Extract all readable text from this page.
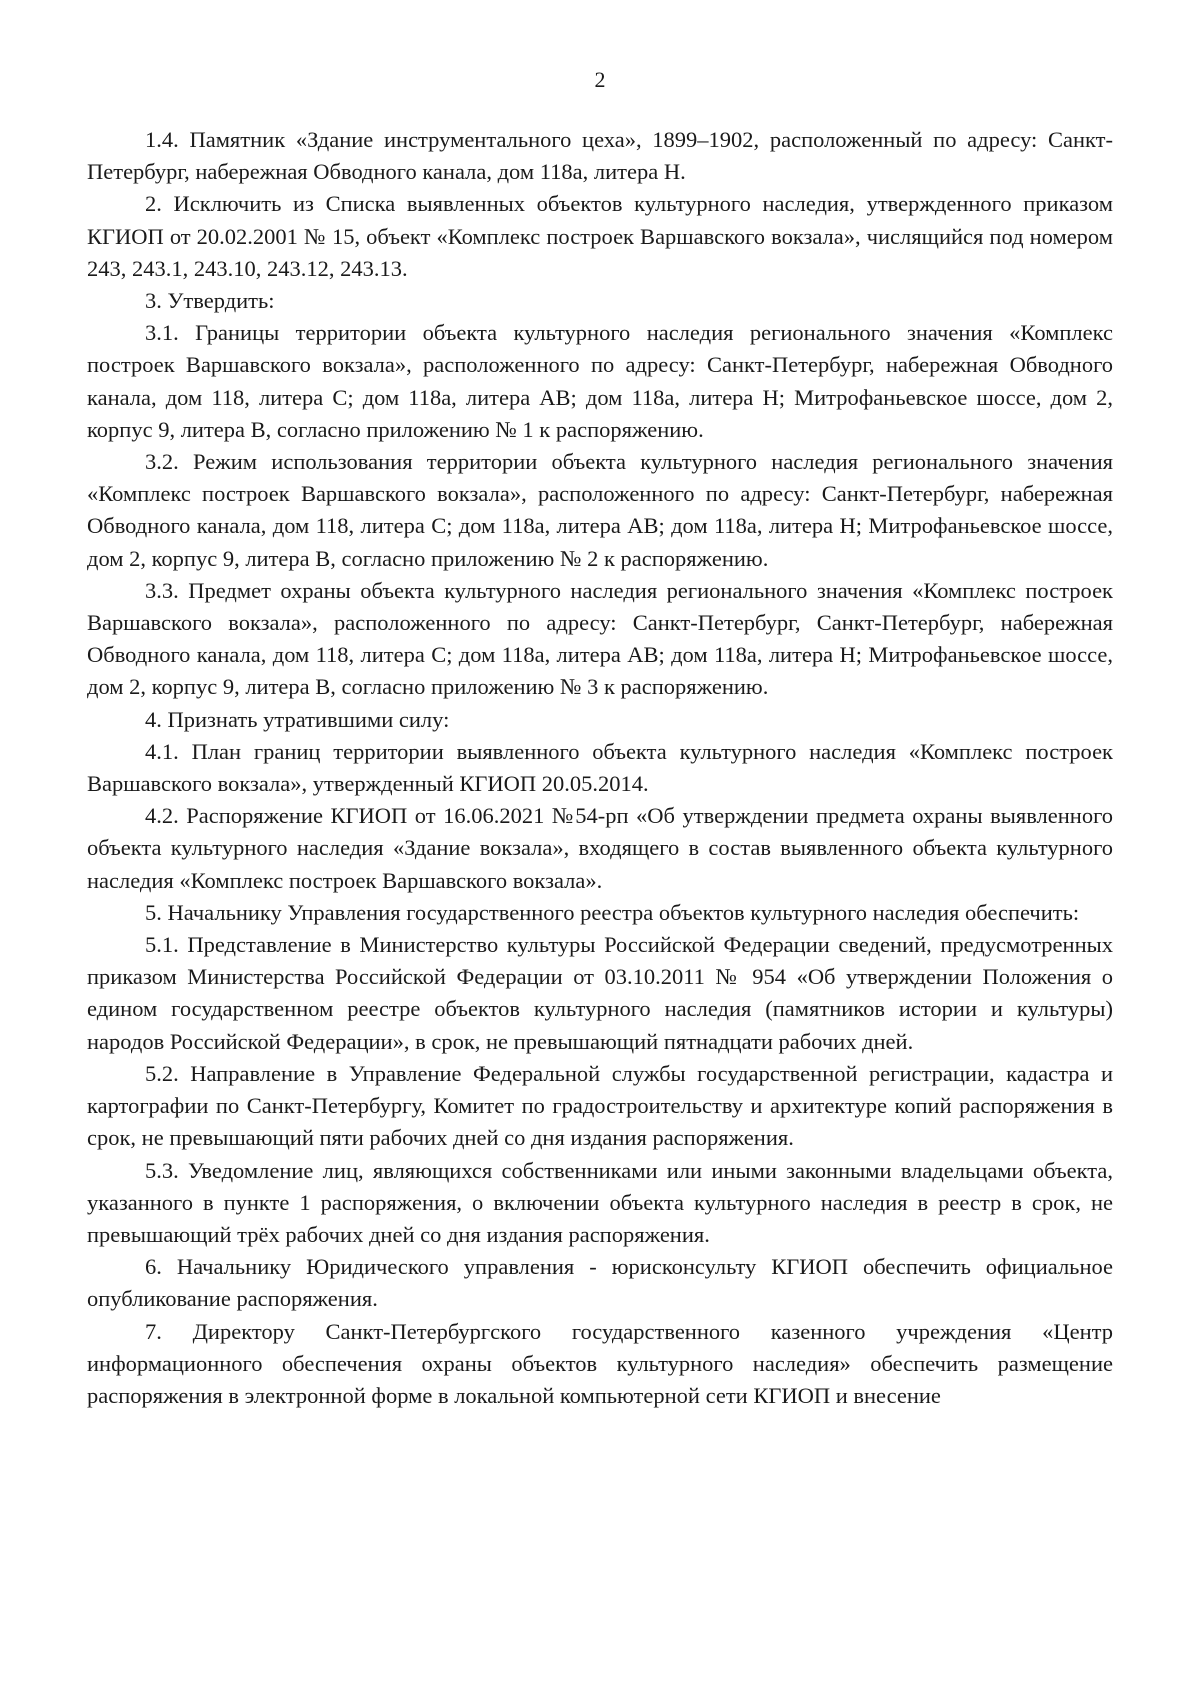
2

1.4. Памятник «Здание инструментального цеха», 1899–1902, расположенный по адресу: Санкт-Петербург, набережная Обводного канала, дом 118а, литера Н.

2. Исключить из Списка выявленных объектов культурного наследия, утвержденного приказом КГИОП от 20.02.2001 № 15, объект «Комплекс построек Варшавского вокзала», числящийся под номером 243, 243.1, 243.10, 243.12, 243.13.

3. Утвердить:

3.1. Границы территории объекта культурного наследия регионального значения «Комплекс построек Варшавского вокзала», расположенного по адресу: Санкт-Петербург, набережная Обводного канала, дом 118, литера С; дом 118а, литера АВ; дом 118а, литера Н; Митрофаньевское шоссе, дом 2, корпус 9, литера В, согласно приложению № 1 к распоряжению.

3.2. Режим использования территории объекта культурного наследия регионального значения «Комплекс построек Варшавского вокзала», расположенного по адресу: Санкт-Петербург, набережная Обводного канала, дом 118, литера С; дом 118а, литера АВ; дом 118а, литера Н; Митрофаньевское шоссе, дом 2, корпус 9, литера В, согласно приложению № 2 к распоряжению.

3.3. Предмет охраны объекта культурного наследия регионального значения «Комплекс построек Варшавского вокзала», расположенного по адресу: Санкт-Петербург, Санкт-Петербург, набережная Обводного канала, дом 118, литера С; дом 118а, литера АВ; дом 118а, литера Н; Митрофаньевское шоссе, дом 2, корпус 9, литера В, согласно приложению № 3 к распоряжению.

4. Признать утратившими силу:

4.1. План границ территории выявленного объекта культурного наследия «Комплекс построек Варшавского вокзала», утвержденный КГИОП 20.05.2014.

4.2. Распоряжение КГИОП от 16.06.2021 №54-рп «Об утверждении предмета охраны выявленного объекта культурного наследия «Здание вокзала», входящего в состав выявленного объекта культурного наследия «Комплекс построек Варшавского вокзала».

5. Начальнику Управления государственного реестра объектов культурного наследия обеспечить:

5.1. Представление в Министерство культуры Российской Федерации сведений, предусмотренных приказом Министерства Российской Федерации от 03.10.2011 № 954 «Об утверждении Положения о едином государственном реестре объектов культурного наследия (памятников истории и культуры) народов Российской Федерации», в срок, не превышающий пятнадцати рабочих дней.

5.2. Направление в Управление Федеральной службы государственной регистрации, кадастра и картографии по Санкт-Петербургу, Комитет по градостроительству и архитектуре копий распоряжения в срок, не превышающий пяти рабочих дней со дня издания распоряжения.

5.3. Уведомление лиц, являющихся собственниками или иными законными владельцами объекта, указанного в пункте 1 распоряжения, о включении объекта культурного наследия в реестр в срок, не превышающий трёх рабочих дней со дня издания распоряжения.

6. Начальнику Юридического управления - юрисконсульту КГИОП обеспечить официальное опубликование распоряжения.

7. Директору Санкт-Петербургского государственного казенного учреждения «Центр информационного обеспечения охраны объектов культурного наследия» обеспечить размещение распоряжения в электронной форме в локальной компьютерной сети КГИОП и внесение
